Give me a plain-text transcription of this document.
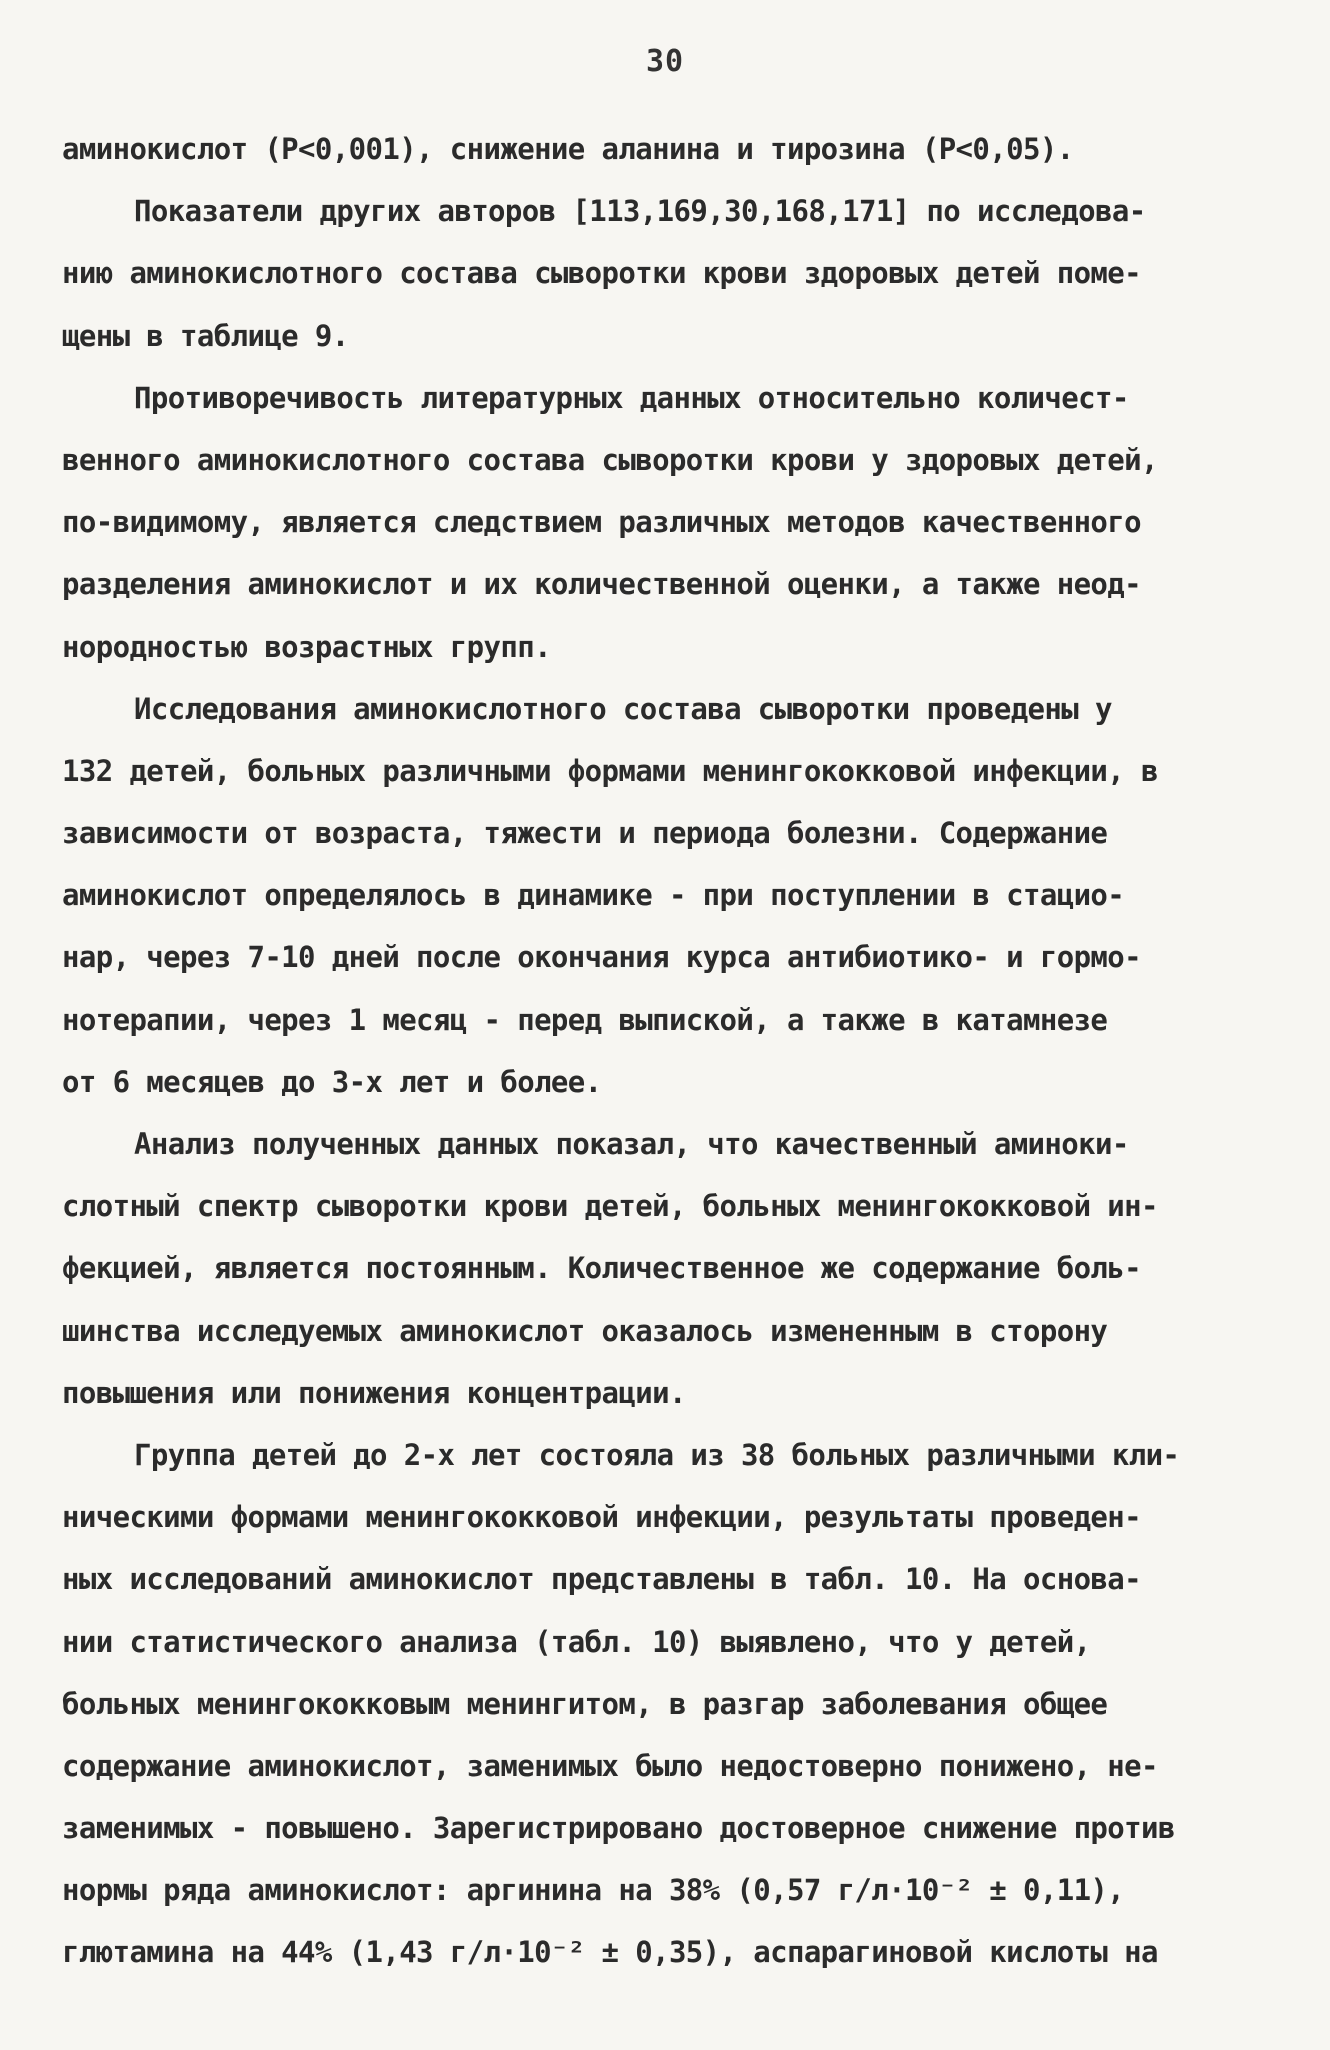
30
аминокислот (Р<0,001), снижение аланина и тирозина (Р<0,05).
Показатели других авторов [113,169,30,168,171] по исследова-
нию аминокислотного состава сыворотки крови здоровых детей поме-
щены в таблице 9.
Противоречивость литературных данных относительно количест-
венного аминокислотного состава сыворотки крови у здоровых детей,
по-видимому, является следствием различных методов качественного
разделения аминокислот и их количественной оценки, а также неод-
нородностью возрастных групп.
Исследования аминокислотного состава сыворотки проведены у
132 детей, больных различными формами менингококковой инфекции, в
зависимости от возраста, тяжести и периода болезни. Содержание
аминокислот определялось в динамике - при поступлении в стацио-
нар, через 7-10 дней после окончания курса антибиотико- и гормо-
нотерапии, через 1 месяц - перед выпиской, а также в катамнезе
от 6 месяцев до 3-х лет и более.
Анализ полученных данных показал, что качественный аминоки-
слотный спектр сыворотки крови детей, больных менингококковой ин-
фекцией, является постоянным. Количественное же содержание боль-
шинства исследуемых аминокислот оказалось измененным в сторону
повышения или понижения концентрации.
Группа детей до 2-х лет состояла из 38 больных различными кли-
ническими формами менингококковой инфекции, результаты проведен-
ных исследований аминокислот представлены в табл. 10. На основа-
нии статистического анализа (табл. 10) выявлено, что у детей,
больных менингококковым менингитом, в разгар заболевания общее
содержание аминокислот, заменимых было недостоверно понижено, не-
заменимых - повышено. Зарегистрировано достоверное снижение против
нормы ряда аминокислот: аргинина на 38% (0,57 г/л·10⁻² ± 0,11),
глютамина на 44% (1,43 г/л·10⁻² ± 0,35), аспарагиновой кислоты на
